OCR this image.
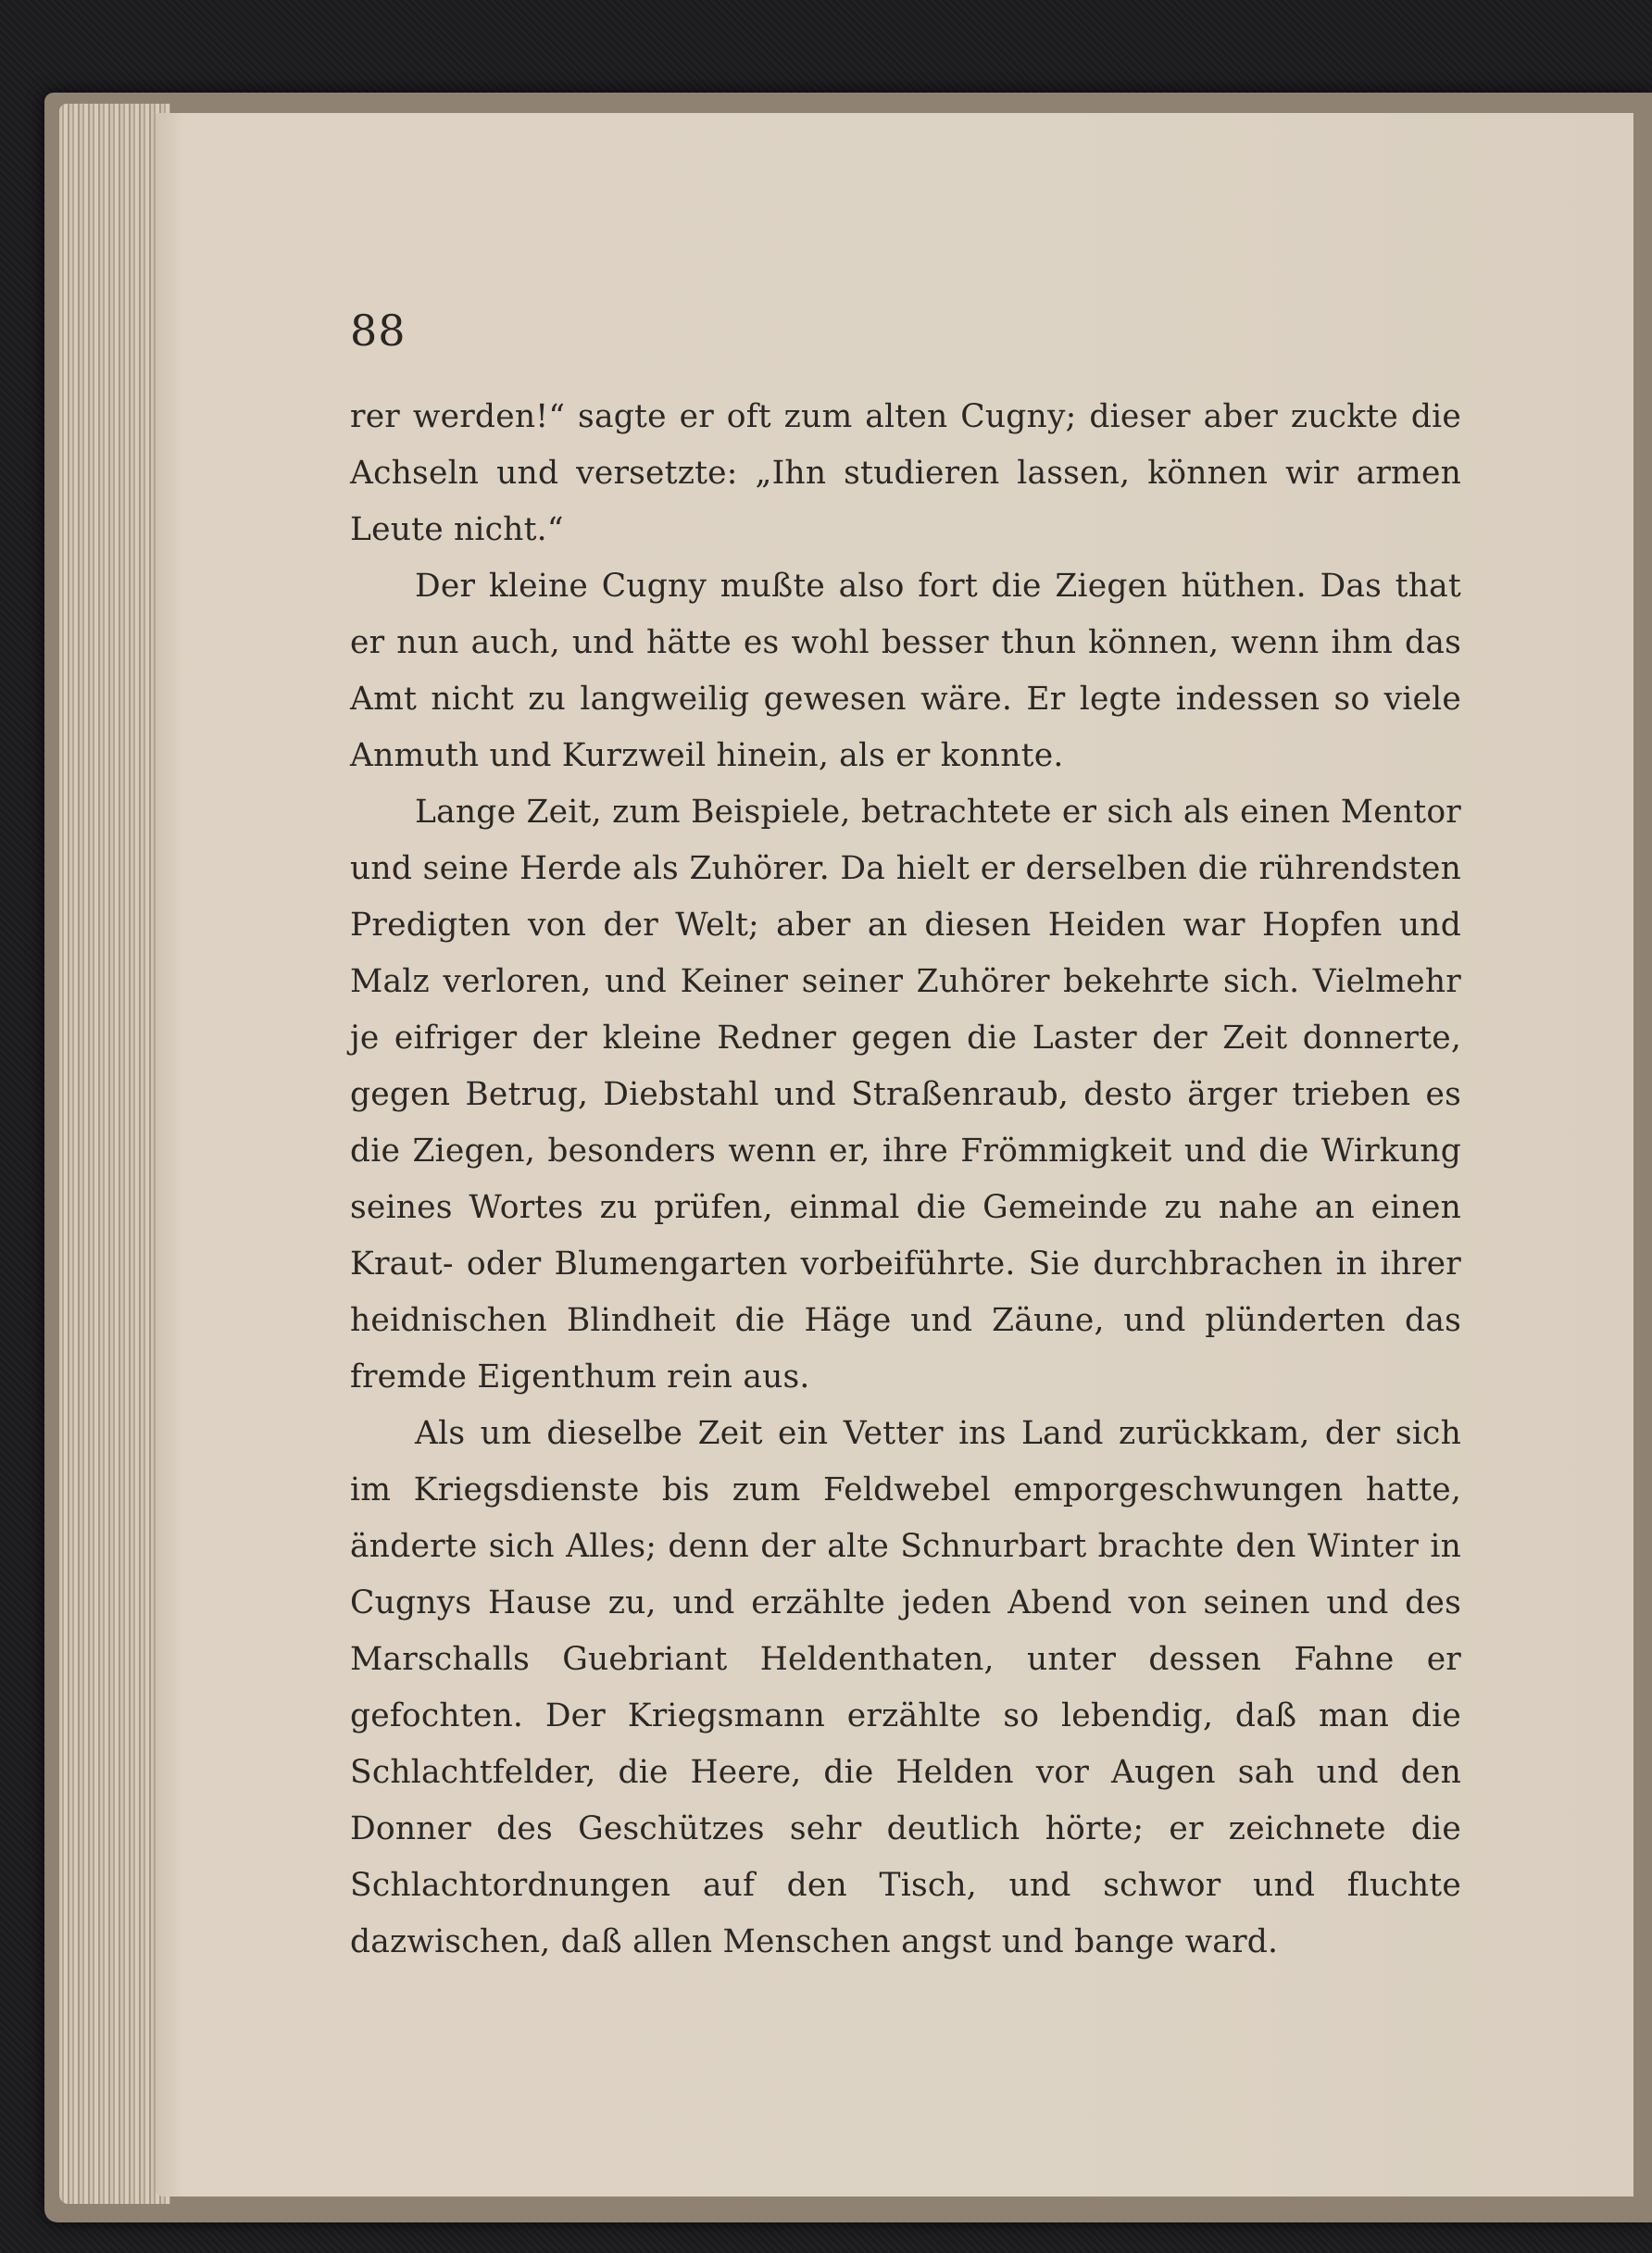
88

rer werden!“ sagte er oft zum alten Cugny; dieser aber zuckte die Achseln und versetzte: „Ihn studieren lassen, können wir armen Leute nicht.“

Der kleine Cugny mußte also fort die Ziegen hüthen. Das that er nun auch, und hätte es wohl besser thun können, wenn ihm das Amt nicht zu langweilig gewesen wäre. Er legte indessen so viele Anmuth und Kurzweil hinein, als er konnte.

Lange Zeit, zum Beispiele, betrachtete er sich als einen Mentor und seine Herde als Zuhörer. Da hielt er derselben die rührendsten Predigten von der Welt; aber an diesen Heiden war Hopfen und Malz verloren, und Keiner seiner Zuhörer bekehrte sich. Vielmehr je eifriger der kleine Redner gegen die Laster der Zeit donnerte, gegen Betrug, Diebstahl und Straßenraub, desto ärger trieben es die Ziegen, besonders wenn er, ihre Frömmigkeit und die Wirkung seines Wortes zu prüfen, einmal die Gemeinde zu nahe an einen Kraut- oder Blumengarten vorbeiführte. Sie durchbrachen in ihrer heidnischen Blindheit die Häge und Zäune, und plünderten das fremde Eigenthum rein aus.

Als um dieselbe Zeit ein Vetter ins Land zurückkam, der sich im Kriegsdienste bis zum Feldwebel emporgeschwungen hatte, änderte sich Alles; denn der alte Schnurbart brachte den Winter in Cugnys Hause zu, und erzählte jeden Abend von seinen und des Marschalls Guebriant Heldenthaten, unter dessen Fahne er gefochten. Der Kriegsmann erzählte so lebendig, daß man die Schlachtfelder, die Heere, die Helden vor Augen sah und den Donner des Geschützes sehr deutlich hörte; er zeichnete die Schlachtordnungen auf den Tisch, und schwor und fluchte dazwischen, daß allen Menschen angst und bange ward.
